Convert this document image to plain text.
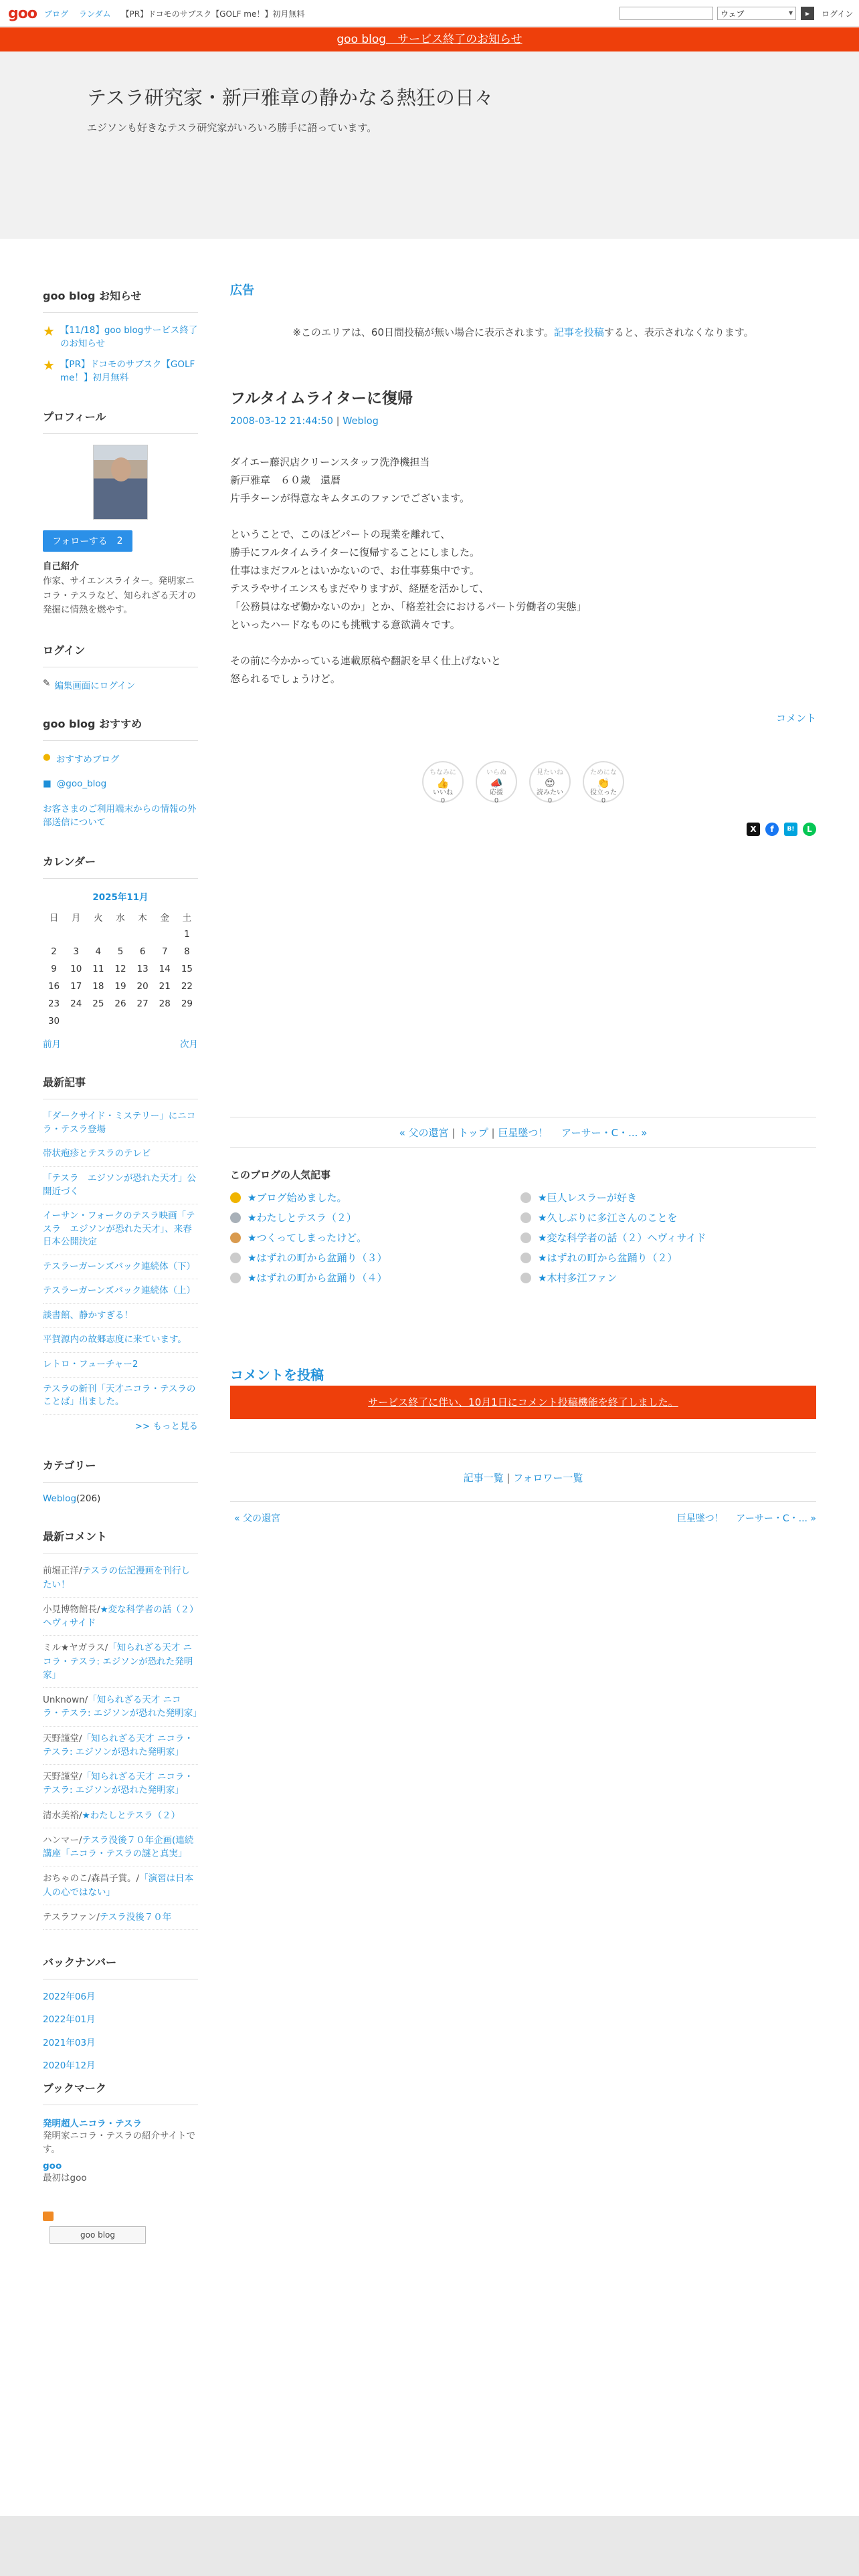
goo ブログ ランダム 【PR】ドコモのサブスク【GOLF me！】初月無料	ウェブ ▾	▸	ログイン
goo blog　サービス終了のお知らせ
テスラ研究家・新戸雅章の静かなる熱狂の日々
エジソンも好きなテスラ研究家がいろいろ勝手に語っています。
goo blog お知らせ
★ 【11/18】goo blogサービス終了のお知らせ
★ 【PR】ドコモのサブスク【GOLF me！】初月無料
プロフィール
フォローする 2
自己紹介
作家、サイエンスライター。発明家ニコラ・テスラなど、知られざる天才の発掘に情熱を燃やす。
ログイン
✎ 編集画面にログイン
goo blog おすすめ
● おすすめブログ
■ @goo_blog
お客さまのご利用端末からの情報の外部送信について
カレンダー
2025年11月
日	月	火	水	木	金	土
						1
2	3	4	5	6	7	8
9	10	11	12	13	14	15
16	17	18	19	20	21	22
23	24	25	26	27	28	29
30						
前月	次月
最新記事
「ダークサイド・ミステリー」にニコラ・テスラ登場
帯状疱疹とテスラのテレビ
「テスラ　エジソンが恐れた天才」公開近づく
イーサン・フォークのテスラ映画「テスラ　エジソンが恐れた天才」、来春日本公開決定
テスラーガーンズバック連続体（下）
テスラーガーンズバック連続体（上）
談書館、静かすぎる！
平賀源内の故郷志度に来ています。
レトロ・フューチャー2
テスラの新刊「天才ニコラ・テスラのことば」出ました。
>> もっと見る
カテゴリー
Weblog(206)
最新コメント
前堀正洋/テスラの伝記漫画を刊行したい！
小見博物館長/★変な科学者の話（２）ヘヴィサイド
ミル★ヤガラス/「知られざる天才 ニコラ・テスラ: エジソンが恐れた発明家」
Unknown/「知られざる天才 ニコラ・テスラ: エジソンが恐れた発明家」
天野謹堂/「知られざる天才 ニコラ・テスラ: エジソンが恐れた発明家」
天野謹堂/「知られざる天才 ニコラ・テスラ: エジソンが恐れた発明家」
清水美裕/★わたしとテスラ（２）
ハンマー/テスラ没後７０年企画(連続講座「ニコラ・テスラの謎と真実」
おちゃのこ/森昌子賞。/「演習は日本人の心ではない」
テスラファン/テスラ没後７０年
バックナンバー
2022年06月
2022年01月
2021年03月
2020年12月
ブックマーク
発明超人ニコラ・テスラ
発明家ニコラ・テスラの紹介サイトです。
goo
最初はgoo
goo blog
広告
※このエリアは、60日間投稿が無い場合に表示されます。記事を投稿すると、表示されなくなります。
フルタイムライターに復帰
2008-03-12 21:44:50 | Weblog

ダイエー藤沢店クリーンスタッフ洗浄機担当

新戸雅章　６０歳　還暦

片手ターンが得意なキムタエのファンでございます。

ということで、このほどパートの現業を離れて、

勝手にフルタイムライターに復帰することにしました。

仕事はまだフルとはいかないので、お仕事募集中です。

テスラやサイエンスもまだやりますが、経歴を活かして、

「公務員はなぜ働かないのか」とか、「格差社会におけるパート労働者の実態」

といったハードなものにも挑戦する意欲満々です。

その前に今かかっている連載原稿や翻訳を早く仕上げないと

怒られるでしょうけど。

コメント
ちなみに
👍
いいね
0
いらぬ
📣
応援
0
見たいね
😍
読みたい
0
ためにな
👏
役立った
0
X	f	B!	L
« 父の還宮 | トップ | 巨星墜つ！　 アーサー・C・... »
このブログの人気記事
★ブログ始めました。	★巨人レスラーが好き
★わたしとテスラ（２）	★久しぶりに多江さんのことを
★つくってしまったけど。	★変な科学者の話（２）ヘヴィサイド
★はずれの町から盆踊り（３）	★はずれの町から盆踊り（２）
★はずれの町から盆踊り（４）	★木村多江ファン
コメントを投稿
サービス終了に伴い、10月1日にコメント投稿機能を終了しました。
記事一覧 | フォロワー一覧
« 父の還宮	巨星墜つ！　 アーサー・C・... »
